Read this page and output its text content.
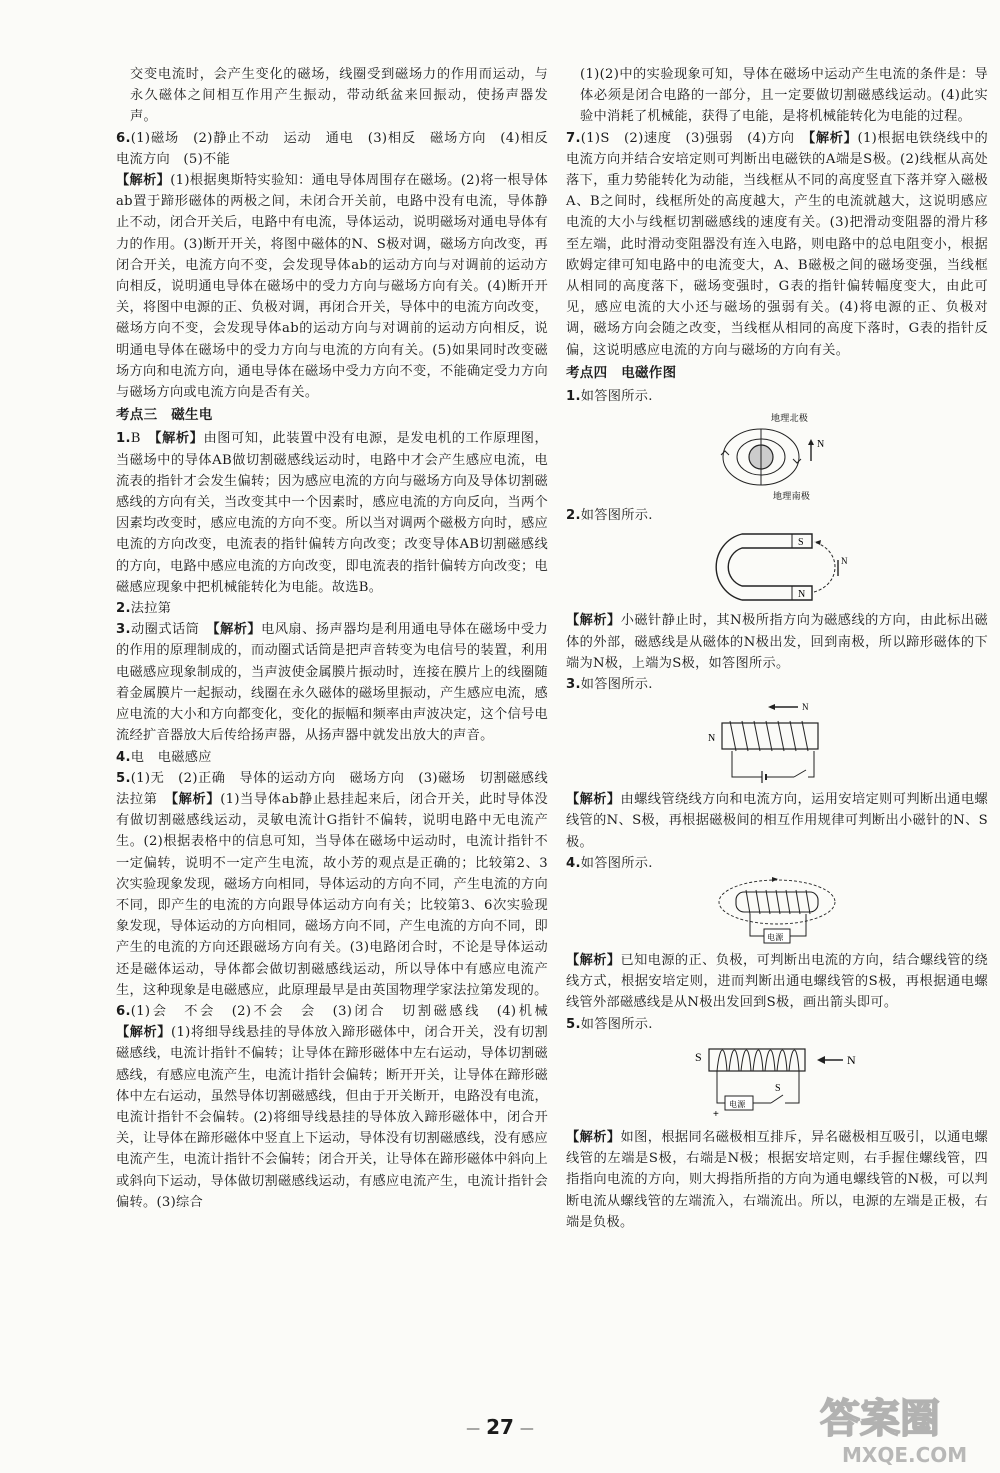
交变电流时，会产生变化的磁场，线圈受到磁场力的作用而运动，与永久磁体之间相互作用产生振动，带动纸盆来回振动，使扬声器发声。

6.(1)磁场　(2)静止不动　运动　通电　(3)相反　磁场方向　(4)相反　电流方向　(5)不能

【解析】(1)根据奥斯特实验知：通电导体周围存在磁场。(2)将一根导体ab置于蹄形磁体的两极之间，未闭合开关前，电路中没有电流，导体静止不动，闭合开关后，电路中有电流，导体运动，说明磁场对通电导体有力的作用。(3)断开开关，将图中磁体的N、S极对调，磁场方向改变，再闭合开关，电流方向不变，会发现导体ab的运动方向与对调前的运动方向相反，说明通电导体在磁场中的受力方向与磁场方向有关。(4)断开开关，将图中电源的正、负极对调，再闭合开关，导体中的电流方向改变，磁场方向不变，会发现导体ab的运动方向与对调前的运动方向相反，说明通电导体在磁场中的受力方向与电流的方向有关。(5)如果同时改变磁场方向和电流方向，通电导体在磁场中受力方向不变，不能确定受力方向与磁场方向或电流方向是否有关。

考点三　磁生电

1.B　【解析】由图可知，此装置中没有电源，是发电机的工作原理图，当磁场中的导体AB做切割磁感线运动时，电路中才会产生感应电流，电流表的指针才会发生偏转；因为感应电流的方向与磁场方向及导体切割磁感线的方向有关，当改变其中一个因素时，感应电流的方向反向，当两个因素均改变时，感应电流的方向不变。所以当对调两个磁极方向时，感应电流的方向改变，电流表的指针偏转方向改变；改变导体AB切割磁感线的方向，电路中感应电流的方向改变，即电流表的指针偏转方向改变；电磁感应现象中把机械能转化为电能。故选B。

2.法拉第

3.动圈式话筒　【解析】电风扇、扬声器均是利用通电导体在磁场中受力的作用的原理制成的，而动圈式话筒是把声音转变为电信号的装置，利用电磁感应现象制成的，当声波使金属膜片振动时，连接在膜片上的线圈随着金属膜片一起振动，线圈在永久磁体的磁场里振动，产生感应电流，感应电流的大小和方向都变化，变化的振幅和频率由声波决定，这个信号电流经扩音器放大后传给扬声器，从扬声器中就发出放大的声音。

4.电　电磁感应

5.(1)无　(2)正确　导体的运动方向　磁场方向　(3)磁场　切割磁感线　法拉第　【解析】(1)当导体ab静止悬挂起来后，闭合开关，此时导体没有做切割磁感线运动，灵敏电流计G指针不偏转，说明电路中无电流产生。(2)根据表格中的信息可知，当导体在磁场中运动时，电流计指针不一定偏转，说明不一定产生电流，故小芳的观点是正确的；比较第2、3次实验现象发现，磁场方向相同，导体运动的方向不同，产生电流的方向不同，即产生的电流的方向跟导体运动方向有关；比较第3、6次实验现象发现，导体运动的方向相同，磁场方向不同，产生电流的方向不同，即产生的电流的方向还跟磁场方向有关。(3)电路闭合时，不论是导体运动还是磁体运动，导体都会做切割磁感线运动，所以导体中有感应电流产生，这种现象是电磁感应，此原理最早是由英国物理学家法拉第发现的。

6.(1)会　不会　(2)不会　会　(3)闭合　切割磁感线　(4)机械　【解析】(1)将细导线悬挂的导体放入蹄形磁体中，闭合开关，没有切割磁感线，电流计指针不偏转；让导体在蹄形磁体中左右运动，导体切割磁感线，有感应电流产生，电流计指针会偏转；断开开关，让导体在蹄形磁体中左右运动，虽然导体切割磁感线，但由于开关断开，电路没有电流，电流计指针不会偏转。(2)将细导线悬挂的导体放入蹄形磁体中，闭合开关，让导体在蹄形磁体中竖直上下运动，导体没有切割磁感线，没有感应电流产生，电流计指针不会偏转；闭合开关，让导体在蹄形磁体中斜向上或斜向下运动，导体做切割磁感线运动，有感应电流产生，电流计指针会偏转。(3)综合

(1)(2)中的实验现象可知，导体在磁场中运动产生电流的条件是：导体必须是闭合电路的一部分，且一定要做切割磁感线运动。(4)此实验中消耗了机械能，获得了电能，是将机械能转化为电能的过程。

7.(1)S　(2)速度　(3)强弱　(4)方向　【解析】(1)根据电铁绕线中的电流方向并结合安培定则可判断出电磁铁的A端是S极。(2)线框从高处落下，重力势能转化为动能，当线框从不同的高度竖直下落并穿入磁极A、B之间时，线框所处的高度越大，产生的电流就越大，这说明感应电流的大小与线框切割磁感线的速度有关。(3)把滑动变阻器的滑片移至左端，此时滑动变阻器没有连入电路，则电路中的总电阻变小，根据欧姆定律可知电路中的电流变大，A、B磁极之间的磁场变强，当线框从相同的高度落下，磁场变强时，G表的指针偏转幅度变大，由此可见，感应电流的大小还与磁场的强弱有关。(4)将电源的正、负极对调，磁场方向会随之改变，当线框从相同的高度下落时，G表的指针反偏，这说明感应电流的方向与磁场的方向有关。

考点四　电磁作图

1.如答图所示.

N
地理北极
地理南极

2.如答图所示.

S
N
N

【解析】小磁针静止时，其N极所指方向为磁感线的方向，由此标出磁体的外部，磁感线是从磁体的N极出发，回到南极，所以蹄形磁体的下端为N极，上端为S极，如答图所示。

3.如答图所示.

N
N

【解析】由螺线管绕线方向和电流方向，运用安培定则可判断出通电螺线管的N、S极，再根据磁极间的相互作用规律可判断出小磁针的N、S极。

4.如答图所示.

电源

【解析】已知电源的正、负极，可判断出电流的方向，结合螺线管的绕线方式，根据安培定则，进而判断出通电螺线管的S极，再根据通电螺线管外部磁感线是从N极出发回到S极，画出箭头即可。

5.如答图所示.

S	N
电源
+
S

【解析】如图，根据同名磁极相互排斥，异名磁极相互吸引，以通电螺线管的左端是S极，右端是N极；根据安培定则，右手握住螺线管，四指指向电流的方向，则大拇指所指的方向为通电螺线管的N极，可以判断电流从螺线管的左端流入，右端流出。所以，电源的左端是正极，右端是负极。

— 27 —	答案圈
MXQE.COM
